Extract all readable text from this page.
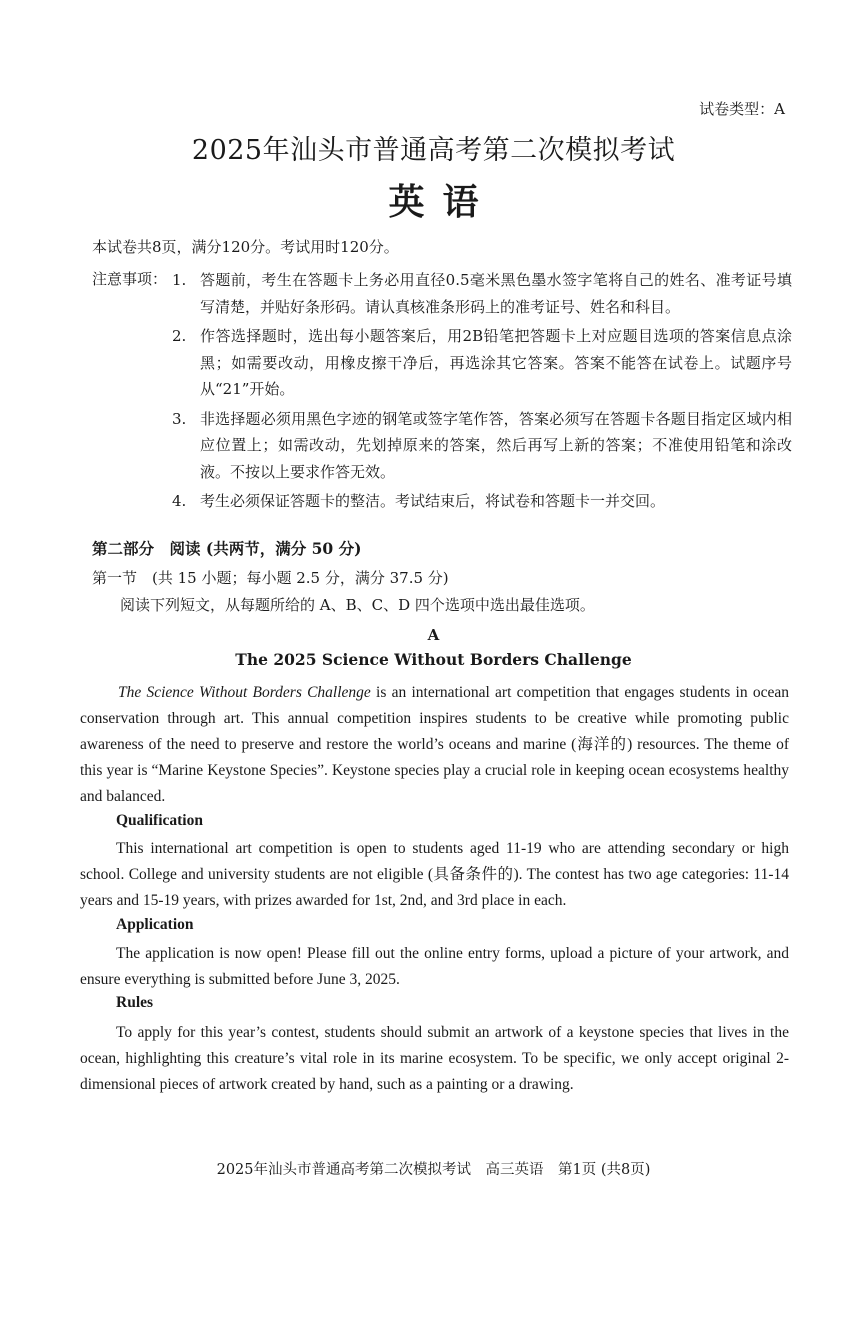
试卷类型：A
2025年汕头市普通高考第二次模拟考试
英语
本试卷共8页，满分120分。考试用时120分。
注意事项： 1. 答题前，考生在答题卡上务必用直径0.5毫米黑色墨水签字笔将自己的姓名、准考证号填写清楚，并贴好条形码。请认真核准条形码上的准考证号、姓名和科目。
2. 作答选择题时，选出每小题答案后，用2B铅笔把答题卡上对应题目选项的答案信息点涂黑；如需要改动，用橡皮擦干净后，再选涂其它答案。答案不能答在试卷上。试题序号从“21”开始。
3. 非选择题必须用黑色字迹的钢笔或签字笔作答，答案必须写在答题卡各题目指定区域内相应位置上；如需改动，先划掉原来的答案，然后再写上新的答案；不准使用铅笔和涂改液。不按以上要求作答无效。
4. 考生必须保证答题卡的整洁。考试结束后，将试卷和答题卡一并交回。
第二部分　阅读 (共两节，满分 50 分)
第一节　(共 15 小题；每小题 2.5 分，满分 37.5 分)
阅读下列短文，从每题所给的 A、B、C、D 四个选项中选出最佳选项。
A
The 2025 Science Without Borders Challenge
The Science Without Borders Challenge is an international art competition that engages students in ocean conservation through art. This annual competition inspires students to be creative while promoting public awareness of the need to preserve and restore the world’s oceans and marine (海洋的) resources. The theme of this year is “Marine Keystone Species”. Keystone species play a crucial role in keeping ocean ecosystems healthy and balanced.
Qualification
This international art competition is open to students aged 11-19 who are attending secondary or high school. College and university students are not eligible (具备条件的). The contest has two age categories: 11-14 years and 15-19 years, with prizes awarded for 1st, 2nd, and 3rd place in each.
Application
The application is now open! Please fill out the online entry forms, upload a picture of your artwork, and ensure everything is submitted before June 3, 2025.
Rules
To apply for this year’s contest, students should submit an artwork of a keystone species that lives in the ocean, highlighting this creature’s vital role in its marine ecosystem. To be specific, we only accept original 2-dimensional pieces of artwork created by hand, such as a painting or a drawing.
2025年汕头市普通高考第二次模拟考试　高三英语　第1页 (共8页)
